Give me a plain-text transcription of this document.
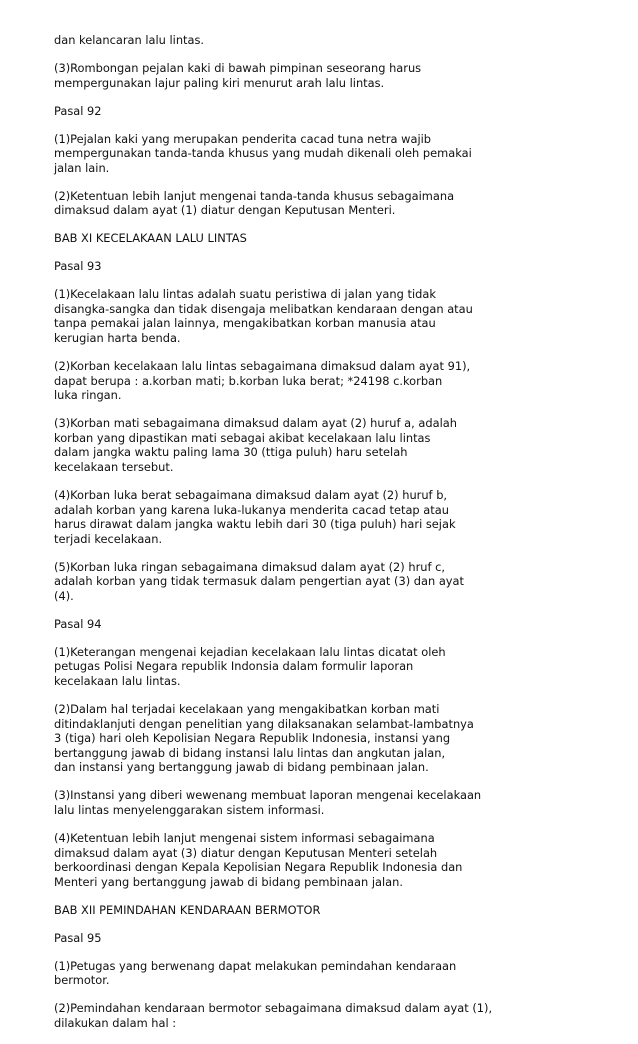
dan kelancaran lalu lintas.

(3)Rombongan pejalan kaki di bawah pimpinan seseorang harus
mempergunakan lajur paling kiri menurut arah lalu lintas.

Pasal 92

(1)Pejalan kaki yang merupakan penderita cacad tuna netra wajib
mempergunakan tanda-tanda khusus yang mudah dikenali oleh pemakai
jalan lain.

(2)Ketentuan lebih lanjut mengenai tanda-tanda khusus sebagaimana
dimaksud dalam ayat (1) diatur dengan Keputusan Menteri.

BAB XI KECELAKAAN LALU LINTAS

Pasal 93

(1)Kecelakaan lalu lintas adalah suatu peristiwa di jalan yang tidak
disangka-sangka dan tidak disengaja melibatkan kendaraan dengan atau
tanpa pemakai jalan lainnya, mengakibatkan korban manusia atau
kerugian harta benda.

(2)Korban kecelakaan lalu lintas sebagaimana dimaksud dalam ayat 91),
dapat berupa : a.korban mati; b.korban luka berat; *24198 c.korban
luka ringan.

(3)Korban mati sebagaimana dimaksud dalam ayat (2) huruf a, adalah
korban yang dipastikan mati sebagai akibat kecelakaan lalu lintas
dalam jangka waktu paling lama 30 (ttiga puluh) haru setelah
kecelakaan tersebut.

(4)Korban luka berat sebagaimana dimaksud dalam ayat (2) huruf b,
adalah korban yang karena luka-lukanya menderita cacad tetap atau
harus dirawat dalam jangka waktu lebih dari 30 (tiga puluh) hari sejak
terjadi kecelakaan.

(5)Korban luka ringan sebagaimana dimaksud dalam ayat (2) hruf c,
adalah korban yang tidak termasuk dalam pengertian ayat (3) dan ayat
(4).

Pasal 94

(1)Keterangan mengenai kejadian kecelakaan lalu lintas dicatat oleh
petugas Polisi Negara republik Indonsia dalam formulir laporan
kecelakaan lalu lintas.

(2)Dalam hal terjadai kecelakaan yang mengakibatkan korban mati
ditindaklanjuti dengan penelitian yang dilaksanakan selambat-lambatnya
3 (tiga) hari oleh Kepolisian Negara Republik Indonesia, instansi yang
bertanggung jawab di bidang instansi lalu lintas dan angkutan jalan,
dan instansi yang bertanggung jawab di bidang pembinaan jalan.

(3)Instansi yang diberi wewenang membuat laporan mengenai kecelakaan
lalu lintas menyelenggarakan sistem informasi.

(4)Ketentuan lebih lanjut mengenai sistem informasi sebagaimana
dimaksud dalam ayat (3) diatur dengan Keputusan Menteri setelah
berkoordinasi dengan Kepala Kepolisian Negara Republik Indonesia dan
Menteri yang bertanggung jawab di bidang pembinaan jalan.

BAB XII PEMINDAHAN KENDARAAN BERMOTOR

Pasal 95

(1)Petugas yang berwenang dapat melakukan pemindahan kendaraan
bermotor.

(2)Pemindahan kendaraan bermotor sebagaimana dimaksud dalam ayat (1),
dilakukan dalam hal :
